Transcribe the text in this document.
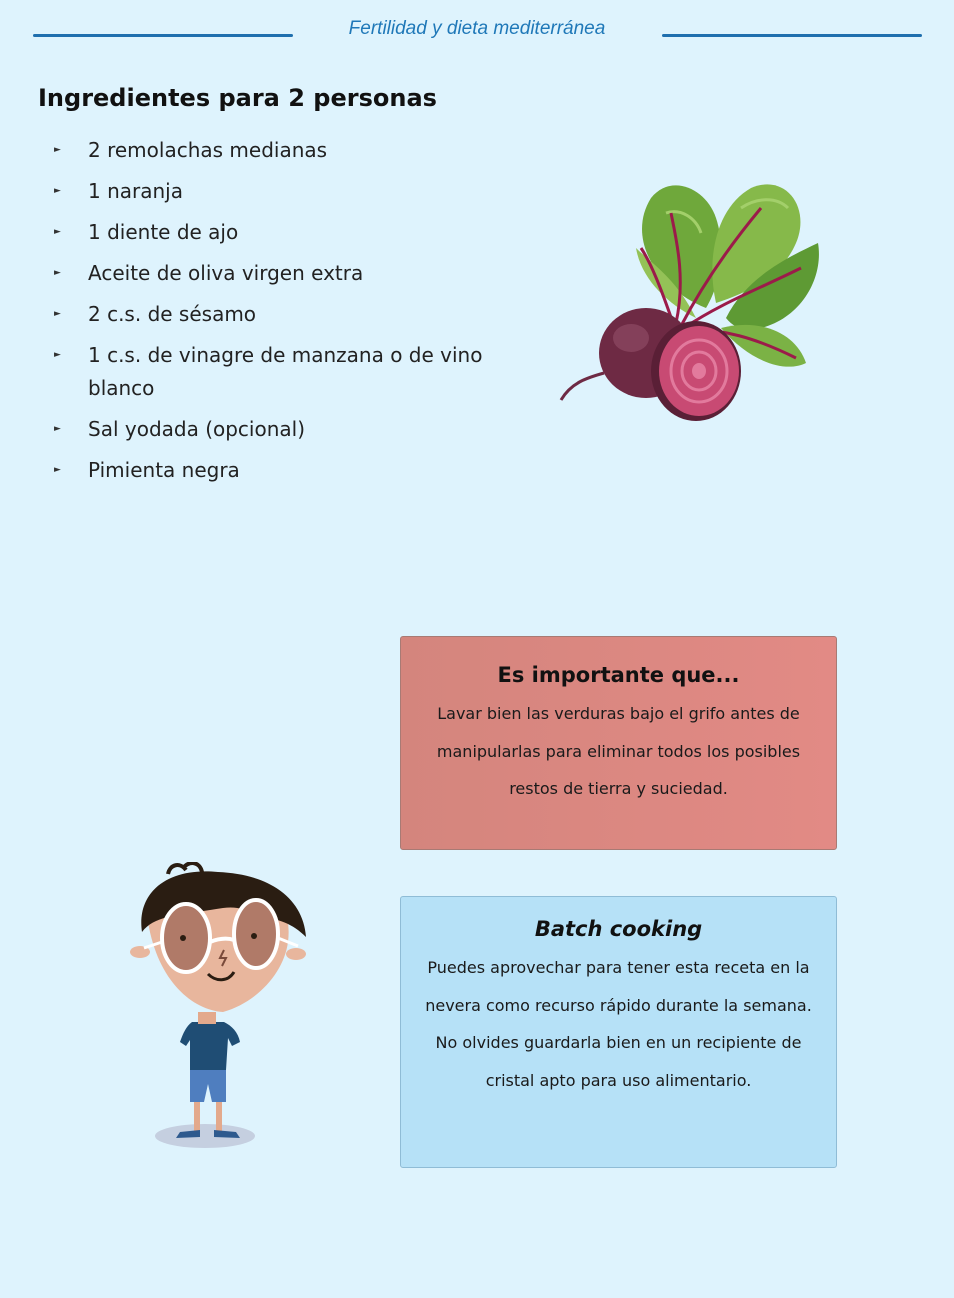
Fertilidad y dieta mediterránea
Ingredientes para 2 personas
► 2 remolachas medianas
► 1 naranja
► 1 diente de ajo
► Aceite de oliva virgen extra
► 2 c.s. de sésamo
► 1 c.s. de vinagre de manzana o de vino blanco
► Sal yodada (opcional)
► Pimienta negra
Es importante que...

Lavar bien las verduras bajo el grifo antes de manipularlas para eliminar todos los posibles restos de tierra y suciedad.

Batch cooking

Puedes aprovechar para tener esta receta en la nevera como recurso rápido durante la semana. No olvides guardarla bien en un recipiente de cristal apto para uso alimentario.
